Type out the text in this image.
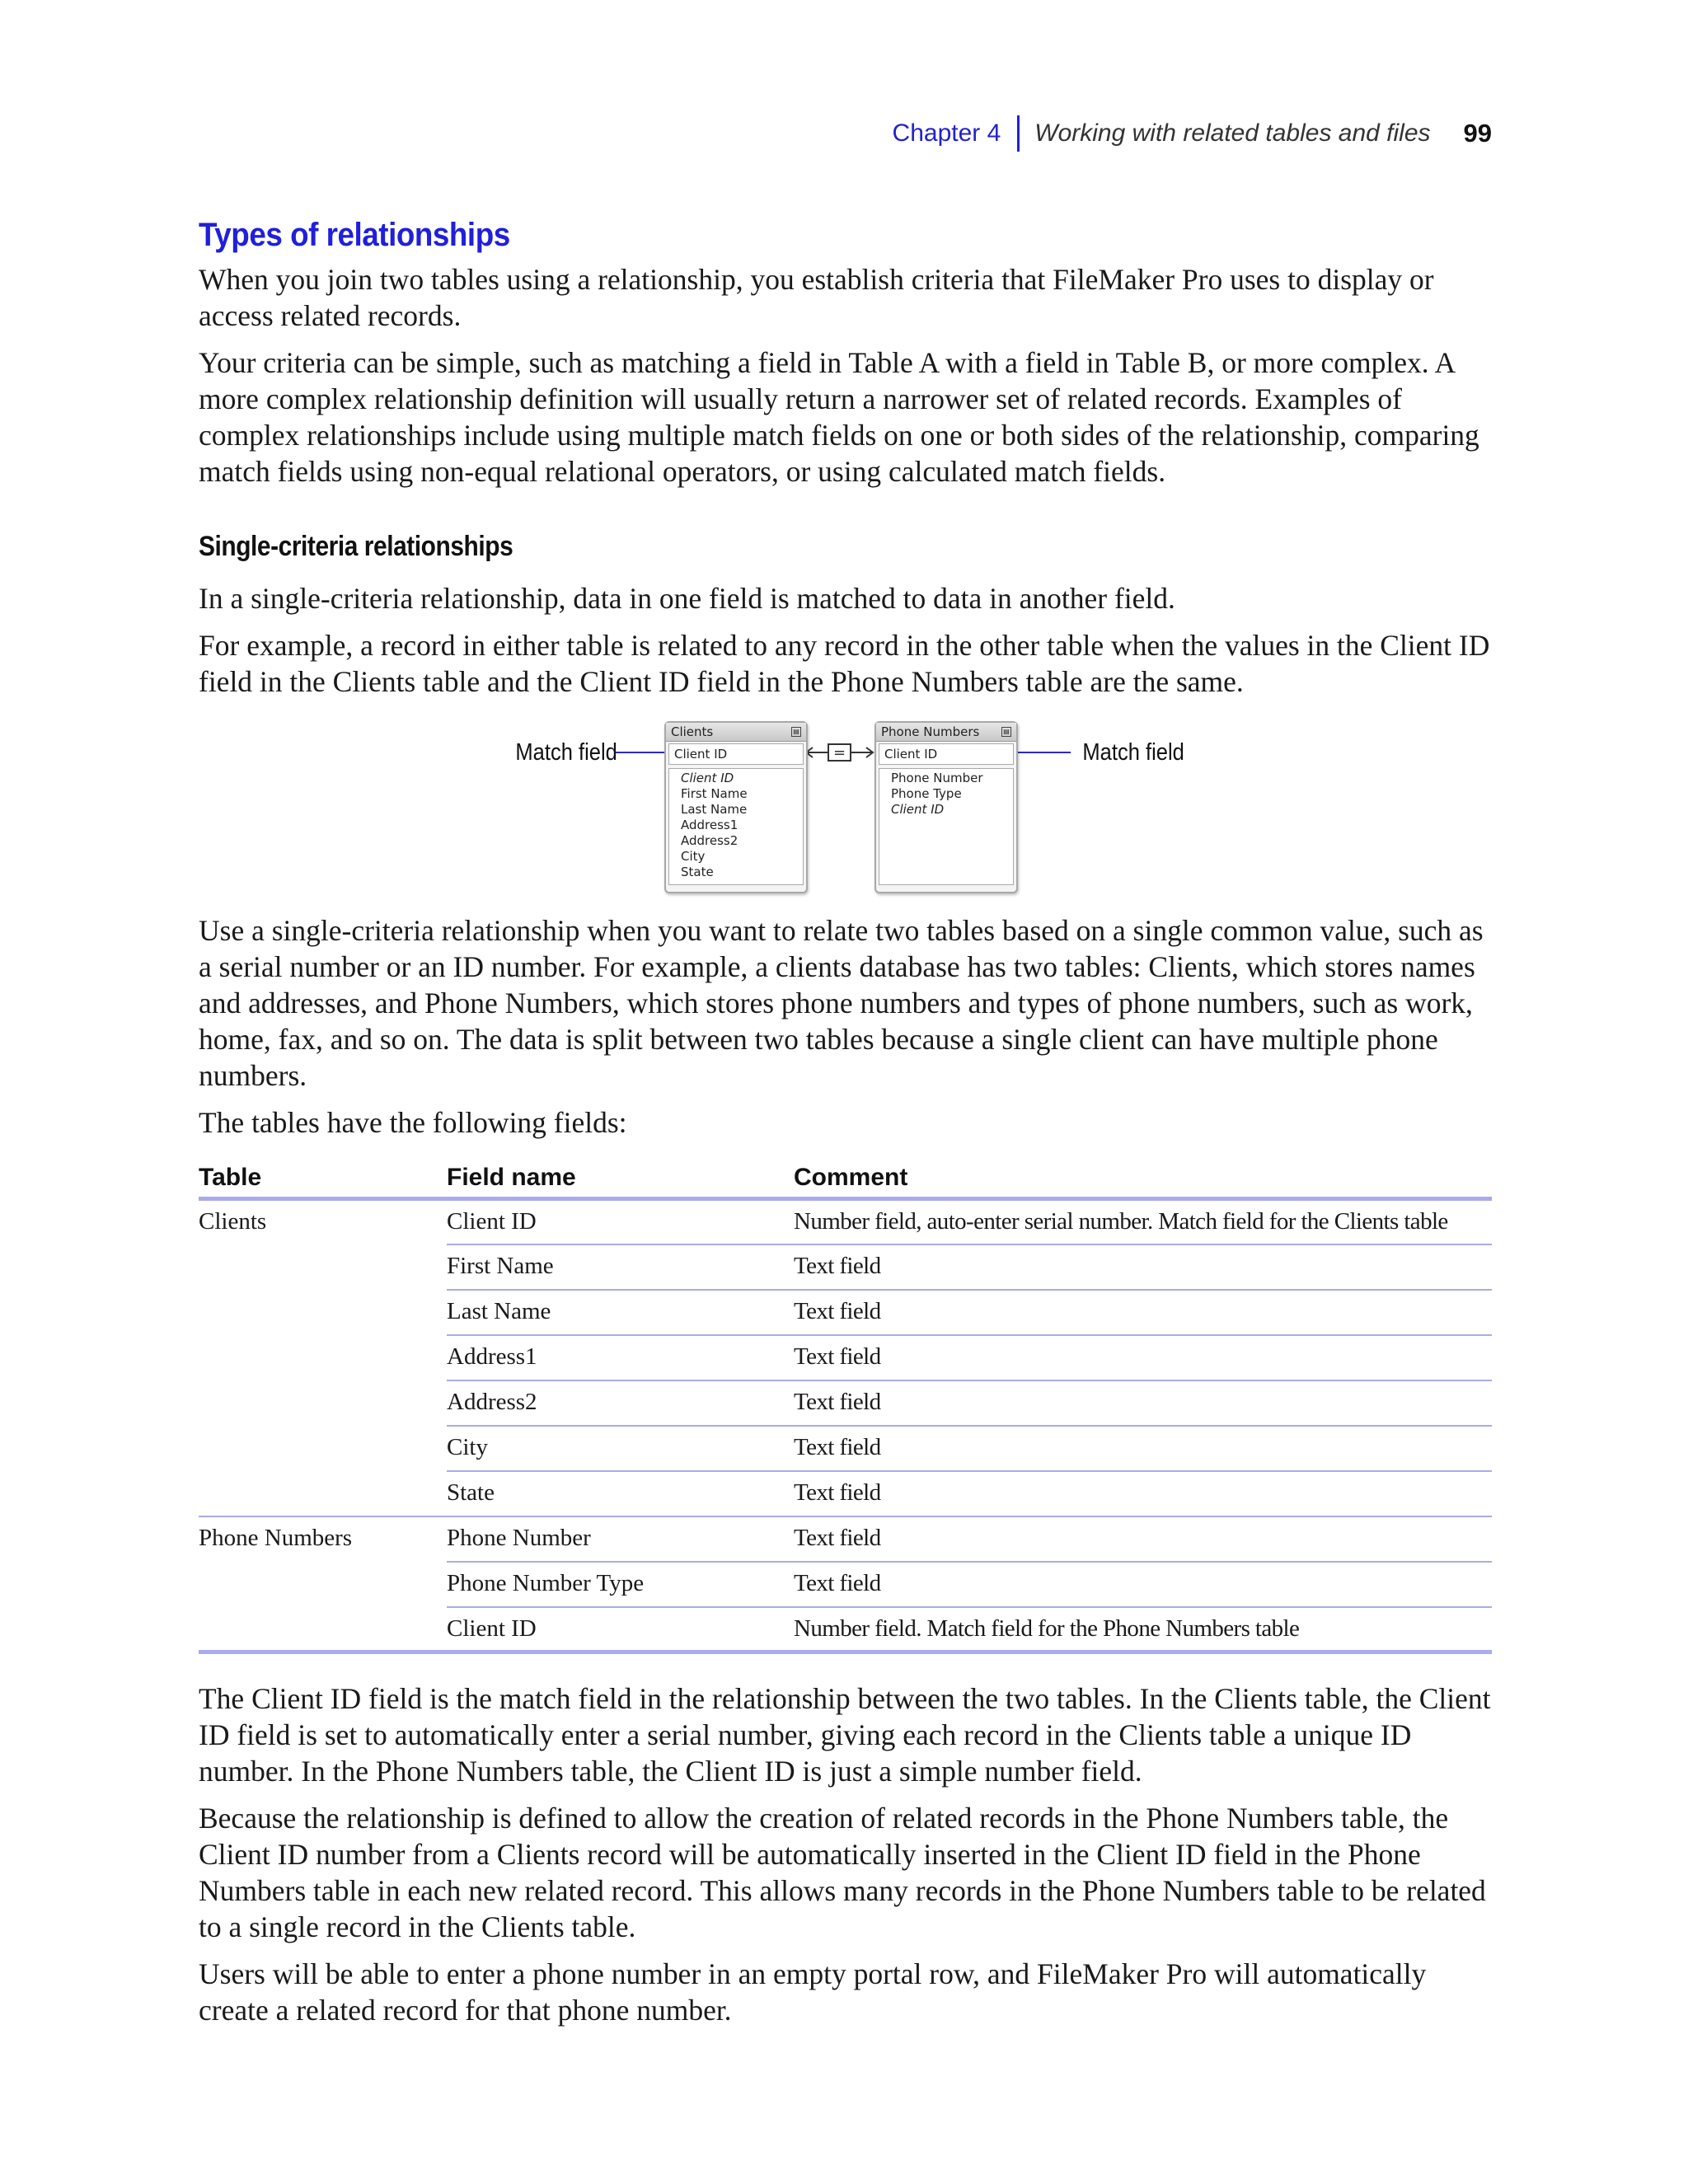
Chapter 4 Working with related tables and files 99
Types of relationships

When you join two tables using a relationship, you establish criteria that FileMaker Pro uses to display or access related records.

Your criteria can be simple, such as matching a field in Table A with a field in Table B, or more complex. A more complex relationship definition will usually return a narrower set of related records. Examples of complex relationships include using multiple match fields on one or both sides of the relationship, comparing match fields using non-equal relational operators, or using calculated match fields.

Single-criteria relationships

In a single-criteria relationship, data in one field is matched to data in another field.

For example, a record in either table is related to any record in the other table when the values in the Client ID field in the Clients table and the Client ID field in the Phone Numbers table are the same.

=
Match field	Match field
Clients	▤
Client ID
Client ID
First Name
Last Name
Address1
Address2
City
State
Phone Numbers	▤
Client ID
Phone Number
Phone Type
Client ID

Use a single-criteria relationship when you want to relate two tables based on a single common value, such as a serial number or an ID number. For example, a clients database has two tables: Clients, which stores names and addresses, and Phone Numbers, which stores phone numbers and types of phone numbers, such as work, home, fax, and so on. The data is split between two tables because a single client can have multiple phone numbers.

The tables have the following fields:

Table	Field name	Comment
Clients	Client ID	Number field, auto-enter serial number. Match field for the Clients table
	First Name	Text field
	Last Name	Text field
	Address1	Text field
	Address2	Text field
	City	Text field
	State	Text field
Phone Numbers	Phone Number	Text field
	Phone Number Type	Text field
	Client ID	Number field. Match field for the Phone Numbers table

The Client ID field is the match field in the relationship between the two tables. In the Clients table, the Client ID field is set to automatically enter a serial number, giving each record in the Clients table a unique ID number. In the Phone Numbers table, the Client ID is just a simple number field.

Because the relationship is defined to allow the creation of related records in the Phone Numbers table, the Client ID number from a Clients record will be automatically inserted in the Client ID field in the Phone Numbers table in each new related record. This allows many records in the Phone Numbers table to be related to a single record in the Clients table.

Users will be able to enter a phone number in an empty portal row, and FileMaker Pro will automatically create a related record for that phone number.
